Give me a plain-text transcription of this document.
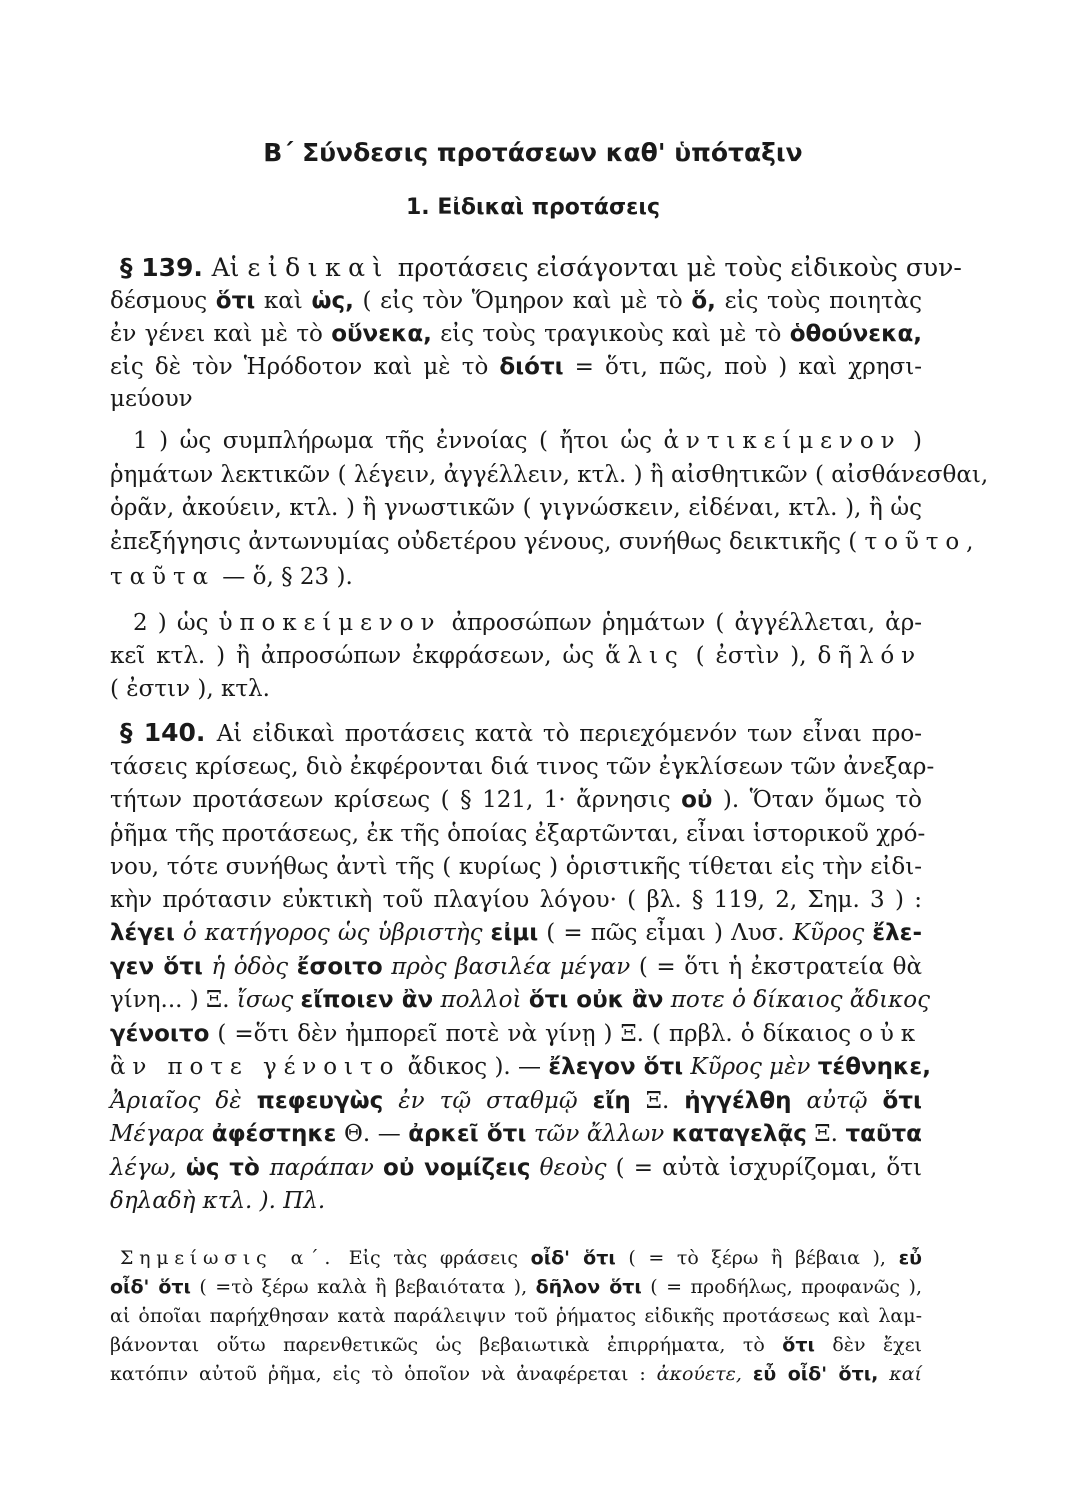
Β΄ Σύνδεσις προτάσεων καθ' ὑπόταξιν
1. Εἰδικαὶ προτάσεις
§ 139. Αἱ εἰδικαὶ προτάσεις εἰσάγονται μὲ τοὺς εἰδικοὺς συν-
δέσμους ὅτι καὶ ὡς, ( εἰς τὸν Ὅμηρον καὶ μὲ τὸ ὅ, εἰς τοὺς ποιητὰς
ἐν γένει καὶ μὲ τὸ οὕνεκα, εἰς τοὺς τραγικοὺς καὶ μὲ τὸ ὁθούνεκα,
εἰς δὲ τὸν Ἡρόδοτον καὶ μὲ τὸ διότι = ὅτι, πῶς, ποὺ ) καὶ χρησι-
μεύουν
1 ) ὡς συμπλήρωμα τῆς ἐννοίας ( ἤτοι ὡς ἀντικείμενον )
ῥημάτων λεκτικῶν ( λέγειν, ἀγγέλλειν, κτλ. ) ἢ αἰσθητικῶν ( αἰσθάνεσθαι,
ὁρᾶν, ἀκούειν, κτλ. ) ἢ γνωστικῶν ( γιγνώσκειν, εἰδέναι, κτλ. ), ἢ ὡς
ἐπεξήγησις ἀντωνυμίας οὐδετέρου γένους, συνήθως δεικτικῆς ( τοῦτο,
ταῦτα — ὅ, § 23 ).
2 ) ὡς ὑποκείμενον ἀπροσώπων ῥημάτων ( ἀγγέλλεται, ἀρ-
κεῖ κτλ. ) ἢ ἀπροσώπων ἐκφράσεων, ὡς ἅλις ( ἐστὶν ), δῆλόν
( ἐστιν ), κτλ.
§ 140. Αἱ εἰδικαὶ προτάσεις κατὰ τὸ περιεχόμενόν των εἶναι προ-
τάσεις κρίσεως, διὸ ἐκφέρονται διά τινος τῶν ἐγκλίσεων τῶν ἀνεξαρ-
τήτων προτάσεων κρίσεως ( § 121, 1· ἄρνησις οὐ ). Ὅταν ὅμως τὸ
ῥῆμα τῆς προτάσεως, ἐκ τῆς ὁποίας ἐξαρτῶνται, εἶναι ἱστορικοῦ χρό-
νου, τότε συνήθως ἀντὶ τῆς ( κυρίως ) ὁριστικῆς τίθεται εἰς τὴν εἰδι-
κὴν πρότασιν εὐκτικὴ τοῦ πλαγίου λόγου· ( βλ. § 119, 2, Σημ. 3 ) :
λέγει ὁ κατήγορος ὡς ὑβριστὴς εἰμι ( = πῶς εἶμαι ) Λυσ. Κῦρος ἔλε-
γεν ὅτι ἡ ὁδὸς ἔσοιτο πρὸς βασιλέα μέγαν ( = ὅτι ἡ ἐκστρατεία θὰ
γίνη... ) Ξ. ἴσως εἴποιεν ἂν πολλοὶ ὅτι οὐκ ἂν ποτε ὁ δίκαιος ἄδικος
γένοιτο ( =ὅτι δὲν ἠμπορεῖ ποτὲ νὰ γίνῃ ) Ξ. ( πρβλ. ὁ δίκαιος οὐκ
ἂν ποτε γένοιτο ἄδικος ). — ἔλεγον ὅτι Κῦρος μὲν τέθνηκε,
Ἀριαῖος δὲ πεφευγὼς ἐν τῷ σταθμῷ εἴη Ξ. ἠγγέλθη αὐτῷ ὅτι
Μέγαρα ἀφέστηκε Θ. — ἀρκεῖ ὅτι τῶν ἄλλων καταγελᾷς Ξ. ταῦτα
λέγω, ὡς τὸ παράπαν οὐ νομίζεις θεοὺς ( = αὐτὰ ἰσχυρίζομαι, ὅτι
δηλαδὴ κτλ. ). Πλ.
Σημείωσις α΄. Εἰς τὰς φράσεις οἶδ' ὅτι ( = τὸ ξέρω ἢ βέβαια ), εὖ
οἶδ' ὅτι ( =τὸ ξέρω καλὰ ἢ βεβαιότατα ), δῆλον ὅτι ( = προδήλως, προφανῶς ),
αἱ ὁποῖαι παρήχθησαν κατὰ παράλειψιν τοῦ ῥήματος εἰδικῆς προτάσεως καὶ λαμ-
βάνονται οὕτω παρενθετικῶς ὡς βεβαιωτικὰ ἐπιρρήματα, τὸ ὅτι δὲν ἔχει
κατόπιν αὐτοῦ ῥῆμα, εἰς τὸ ὁποῖον νὰ ἀναφέρεται : ἀκούετε, εὖ οἶδ' ὅτι, καί
